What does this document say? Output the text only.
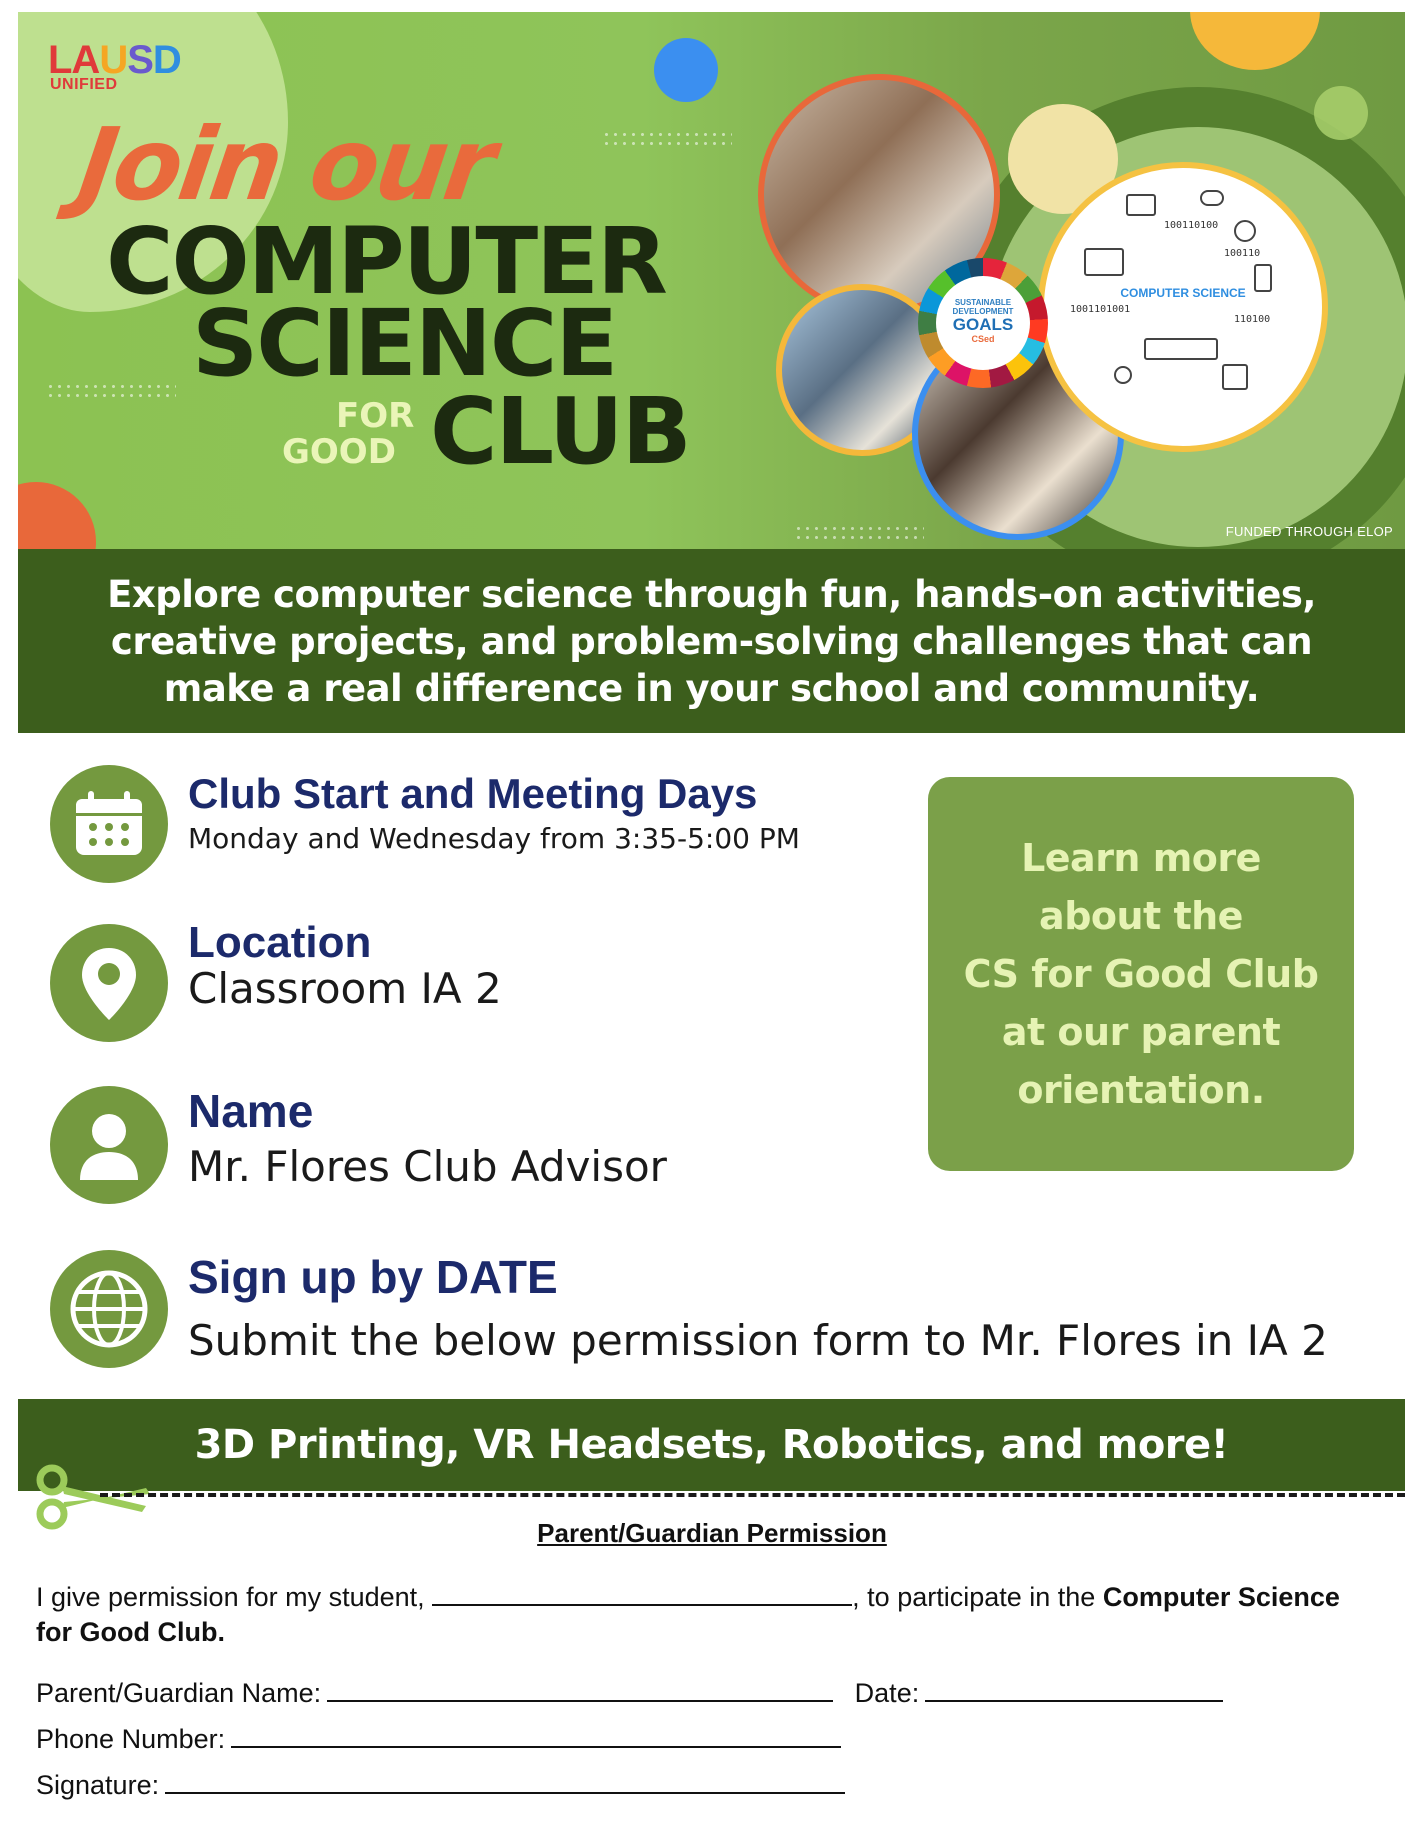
LAUSD
UNIFIED
Join our
COMPUTER
SCIENCE
FOR
GOOD CLUB
100110100
100110
1001101001
110100
COMPUTER SCIENCE
SUSTAINABLE DEVELOPMENT
GOALS
CSed
FUNDED THROUGH ELOP

Explore computer science through fun, hands-on activities, creative projects, and problem-solving challenges that can make a real difference in your school and community.

Club Start and Meeting Days
Monday and Wednesday from 3:35-5:00 PM
Location
Classroom IA 2
Name
Mr. Flores Club Advisor
Sign up by DATE
Submit the below permission form to Mr. Flores in IA 2

Learn more
about the
CS for Good Club
at our parent
orientation.

3D Printing, VR Headsets, Robotics, and more!

Parent/Guardian Permission
I give permission for my student,	, to participate in the Computer Science for Good Club.
Parent/Guardian Name:	Date:
Phone Number:
Signature:
